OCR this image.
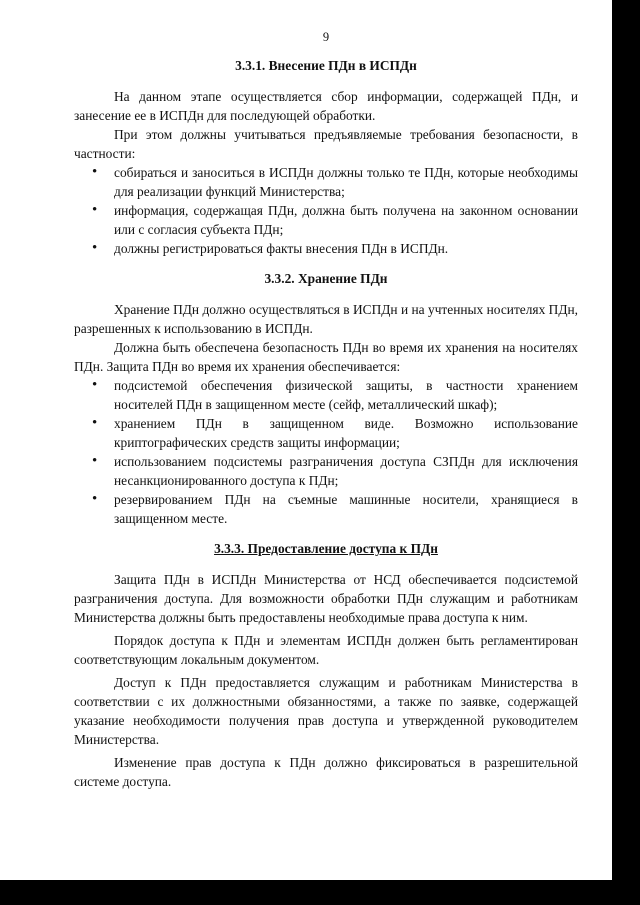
9
3.3.1. Внесение ПДн в ИСПДн

На данном этапе осуществляется сбор информации, содержащей ПДн, и занесение ее в ИСПДн для последующей обработки.

При этом должны учитываться предъявляемые требования безопасности, в частности:

• собираться и заноситься в ИСПДн должны только те ПДн, которые необходимы для реализации функций Министерства;
• информация, содержащая ПДн, должна быть получена на законном основании или с согласия субъекта ПДн;
• должны регистрироваться факты внесения ПДн в ИСПДн.
3.3.2. Хранение ПДн

Хранение ПДн должно осуществляться в ИСПДн и на учтенных носителях ПДн, разрешенных к использованию в ИСПДн.

Должна быть обеспечена безопасность ПДн во время их хранения на носителях ПДн. Защита ПДн во время их хранения обеспечивается:

• подсистемой обеспечения физической защиты, в частности хранением носителей ПДн в защищенном месте (сейф, металлический шкаф);
• хранением ПДн в защищенном виде. Возможно использование криптографических средств защиты информации;
• использованием подсистемы разграничения доступа СЗПДн для исключения несанкционированного доступа к ПДн;
• резервированием ПДн на съемные машинные носители, хранящиеся в защищенном месте.
3.3.3. Предоставление доступа к ПДн

Защита ПДн в ИСПДн Министерства от НСД обеспечивается подсистемой разграничения доступа. Для возможности обработки ПДн служащим и работникам Министерства должны быть предоставлены необходимые права доступа к ним.

Порядок доступа к ПДн и элементам ИСПДн должен быть регламентирован соответствующим локальным документом.

Доступ к ПДн предоставляется служащим и работникам Министерства в соответствии с их должностными обязанностями, а также по заявке, содержащей указание необходимости получения прав доступа и утвержденной руководителем Министерства.

Изменение прав доступа к ПДн должно фиксироваться в разрешительной системе доступа.
